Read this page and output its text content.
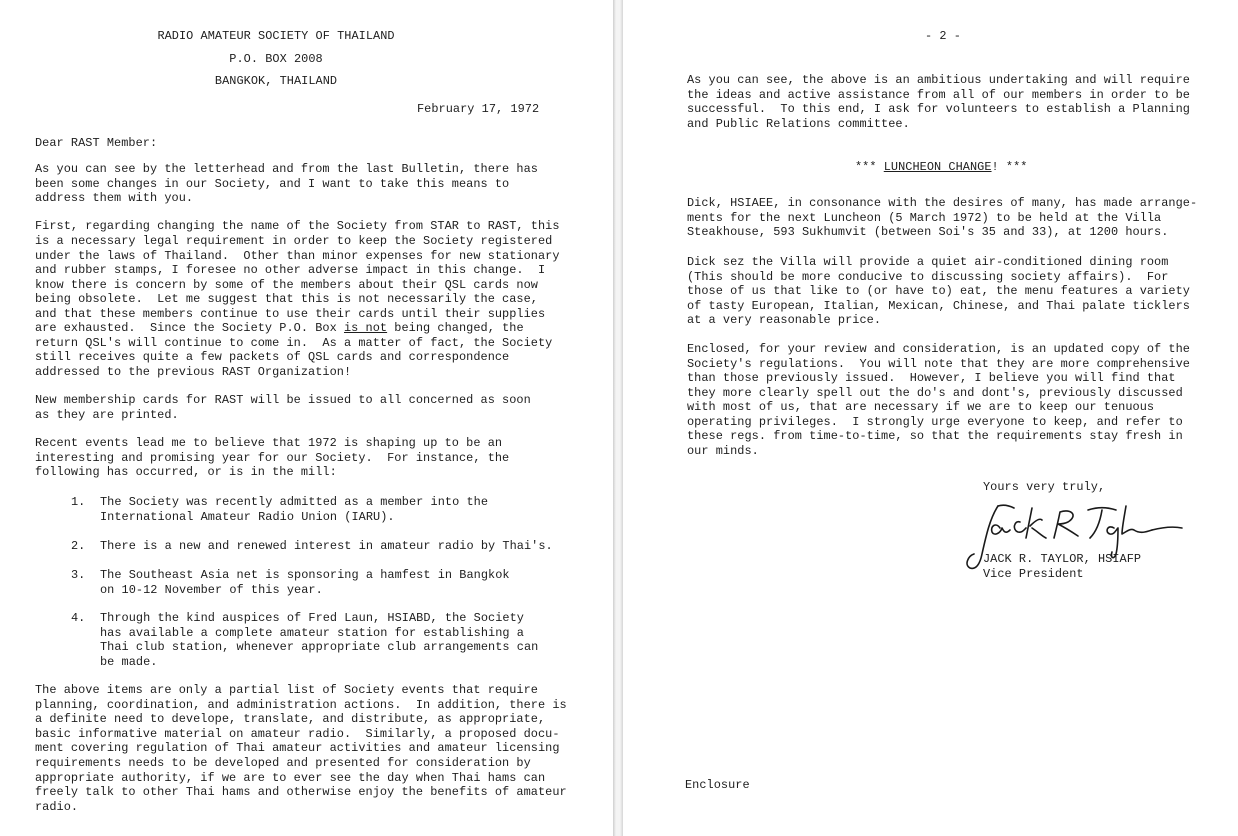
RADIO AMATEUR SOCIETY OF THAILAND
P.O. BOX 2008
BANGKOK, THAILAND
February 17, 1972
Dear RAST Member:
As you can see by the letterhead and from the last Bulletin, there has
been some changes in our Society, and I want to take this means to
address them with you.
First, regarding changing the name of the Society from STAR to RAST, this
is a necessary legal requirement in order to keep the Society registered
under the laws of Thailand.  Other than minor expenses for new stationary
and rubber stamps, I foresee no other adverse impact in this change.  I
know there is concern by some of the members about their QSL cards now
being obsolete.  Let me suggest that this is not necessarily the case,
and that these members continue to use their cards until their supplies
are exhausted.  Since the Society P.O. Box is not being changed, the
return QSL's will continue to come in.  As a matter of fact, the Society
still receives quite a few packets of QSL cards and correspondence
addressed to the previous RAST Organization!
New membership cards for RAST will be issued to all concerned as soon
as they are printed.
Recent events lead me to believe that 1972 is shaping up to be an
interesting and promising year for our Society.  For instance, the
following has occurred, or is in the mill:
1. The Society was recently admitted as a member into the
International Amateur Radio Union (IARU).
2. There is a new and renewed interest in amateur radio by Thai's.
3. The Southeast Asia net is sponsoring a hamfest in Bangkok
on 10-12 November of this year.
4. Through the kind auspices of Fred Laun, HSIABD, the Society
has available a complete amateur station for establishing a
Thai club station, whenever appropriate club arrangements can
be made.
The above items are only a partial list of Society events that require
planning, coordination, and administration actions.  In addition, there is
a definite need to develope, translate, and distribute, as appropriate,
basic informative material on amateur radio.  Similarly, a proposed docu-
ment covering regulation of Thai amateur activities and amateur licensing
requirements needs to be developed and presented for consideration by
appropriate authority, if we are to ever see the day when Thai hams can
freely talk to other Thai hams and otherwise enjoy the benefits of amateur
radio.
- 2 -
As you can see, the above is an ambitious undertaking and will require
the ideas and active assistance from all of our members in order to be
successful.  To this end, I ask for volunteers to establish a Planning
and Public Relations committee.
*** LUNCHEON CHANGE! ***
Dick, HSIAEE, in consonance with the desires of many, has made arrange-
ments for the next Luncheon (5 March 1972) to be held at the Villa
Steakhouse, 593 Sukhumvit (between Soi's 35 and 33), at 1200 hours.
Dick sez the Villa will provide a quiet air-conditioned dining room
(This should be more conducive to discussing society affairs).  For
those of us that like to (or have to) eat, the menu features a variety
of tasty European, Italian, Mexican, Chinese, and Thai palate ticklers
at a very reasonable price.
Enclosed, for your review and consideration, is an updated copy of the
Society's regulations.  You will note that they are more comprehensive
than those previously issued.  However, I believe you will find that
they more clearly spell out the do's and dont's, previously discussed
with most of us, that are necessary if we are to keep our tenuous
operating privileges.  I strongly urge everyone to keep, and refer to
these regs. from time-to-time, so that the requirements stay fresh in
our minds.
Yours very truly,
JACK R. TAYLOR, HSIAFP
Vice President
Enclosure
